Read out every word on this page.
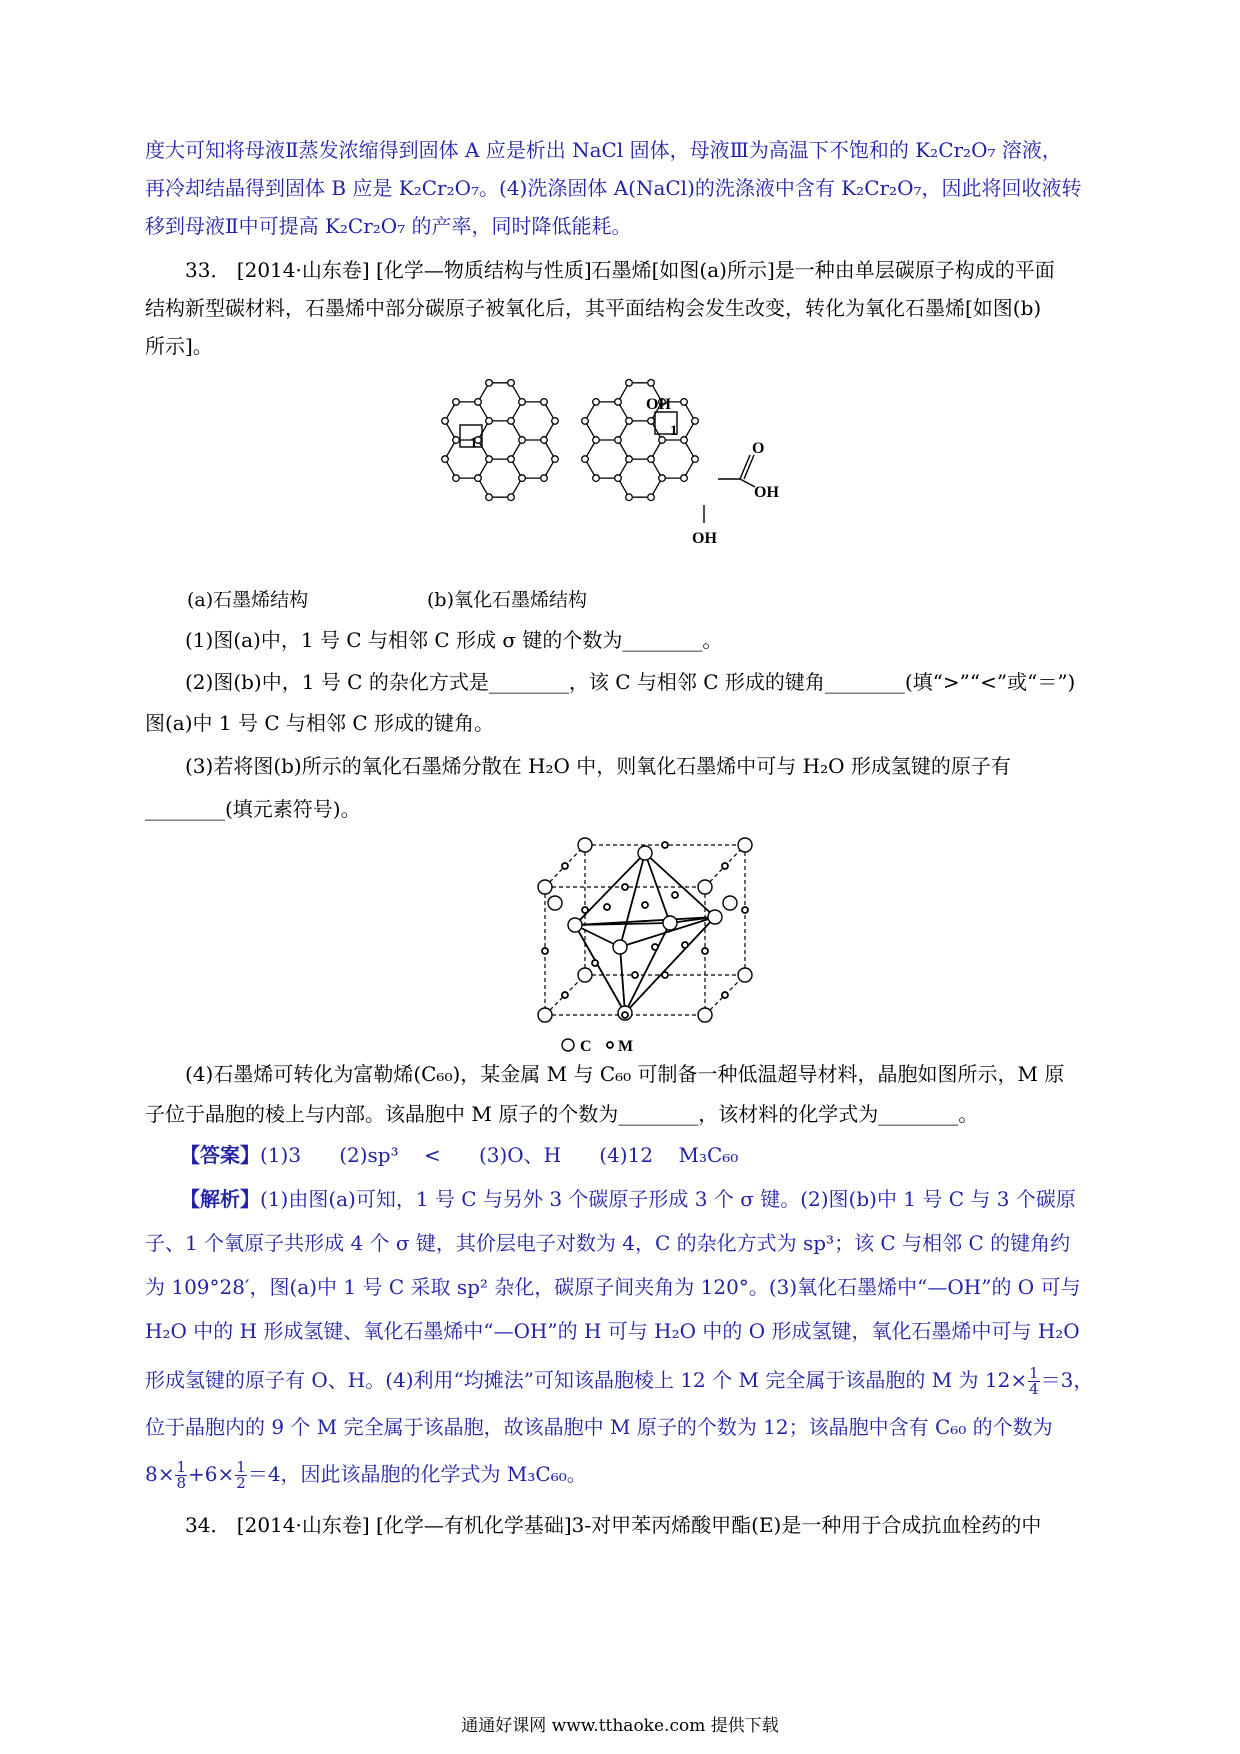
度大可知将母液Ⅱ蒸发浓缩得到固体 A 应是析出 NaCl 固体，母液Ⅲ为高温下不饱和的 K₂Cr₂O₇ 溶液，
再冷却结晶得到固体 B 应是 K₂Cr₂O₇。(4)洗涤固体 A(NaCl)的洗涤液中含有 K₂Cr₂O₇，因此将回收液转
移到母液Ⅱ中可提高 K₂Cr₂O₇ 的产率，同时降低能耗。
33． [2014·山东卷] [化学—物质结构与性质]石墨烯[如图(a)所示]是一种由单层碳原子构成的平面
结构新型碳材料，石墨烯中部分碳原子被氧化后，其平面结构会发生改变，转化为氧化石墨烯[如图(b)
所示]。
1
1
OH
O
OH
OH
(a)石墨烯结构	(b)氧化石墨烯结构
(1)图(a)中，1 号 C 与相邻 C 形成 σ 键的个数为________。
(2)图(b)中，1 号 C 的杂化方式是________，该 C 与相邻 C 形成的键角________(填“>”“<”或“＝”)
图(a)中 1 号 C 与相邻 C 形成的键角。
(3)若将图(b)所示的氧化石墨烯分散在 H₂O 中，则氧化石墨烯中可与 H₂O 形成氢键的原子有
________(填元素符号)。
C M
(4)石墨烯可转化为富勒烯(C₆₀)，某金属 M 与 C₆₀ 可制备一种低温超导材料，晶胞如图所示，M 原
子位于晶胞的棱上与内部。该晶胞中 M 原子的个数为________，该材料的化学式为________。
【答案】(1)3      (2)sp³    <      (3)O、H      (4)12    M₃C₆₀
【解析】(1)由图(a)可知，1 号 C 与另外 3 个碳原子形成 3 个 σ 键。(2)图(b)中 1 号 C 与 3 个碳原
子、1 个氧原子共形成 4 个 σ 键，其价层电子对数为 4，C 的杂化方式为 sp³；该 C 与相邻 C 的键角约
为 109°28′，图(a)中 1 号 C 采取 sp² 杂化，碳原子间夹角为 120°。(3)氧化石墨烯中“—OH”的 O 可与
H₂O 中的 H 形成氢键、氧化石墨烯中“—OH”的 H 可与 H₂O 中的 O 形成氢键，氧化石墨烯中可与 H₂O
形成氢键的原子有 O、H。(4)利用“均摊法”可知该晶胞棱上 12 个 M 完全属于该晶胞的 M 为 $12\times \frac{1}{4} =3$，
位于晶胞内的 9 个 M 完全属于该晶胞，故该晶胞中 M 原子的个数为 12；该晶胞中含有 C₆₀ 的个数为
$8\times \frac{1}{8} +6\times \frac{1}{2} =4$，因此该晶胞的化学式为 M₃C₆₀。
34． [2014·山东卷] [化学—有机化学基础]3-对甲苯丙烯酸甲酯(E)是一种用于合成抗血栓药的中
通通好课网 www.tthaoke.com 提供下载
